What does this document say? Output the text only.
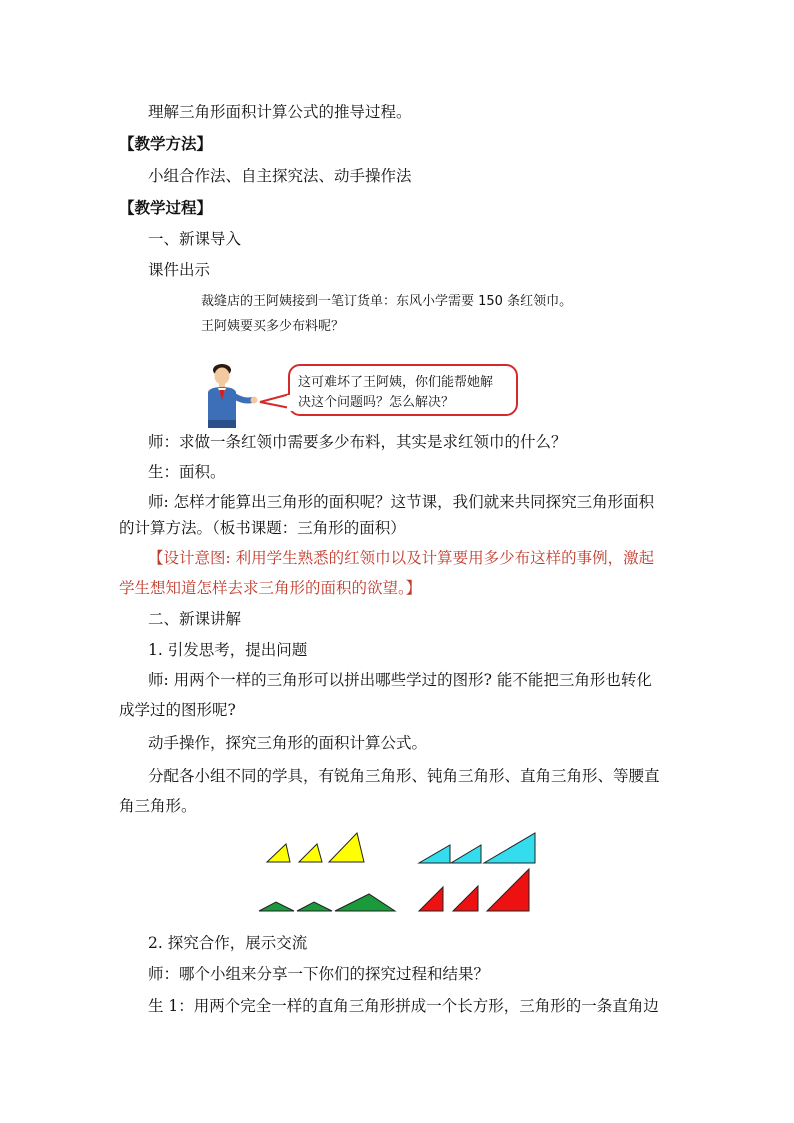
理解三角形面积计算公式的推导过程。
【教学方法】
小组合作法、自主探究法、动手操作法
【教学过程】
一、新课导入
课件出示
裁缝店的王阿姨接到一笔订货单：东风小学需要 150 条红领巾。
王阿姨要买多少布料呢？
这可难坏了王阿姨，你们能帮她解
决这个问题吗？怎么解决？
师：求做一条红领巾需要多少布料，其实是求红领巾的什么？
生：面积。
师: 怎样才能算出三角形的面积呢？这节课，我们就来共同探究三角形面积
的计算方法。（板书课题：三角形的面积）
【设计意图: 利用学生熟悉的红领巾以及计算要用多少布这样的事例，激起
学生想知道怎样去求三角形的面积的欲望。】
二、新课讲解
1. 引发思考，提出问题
师: 用两个一样的三角形可以拼出哪些学过的图形? 能不能把三角形也转化
成学过的图形呢?
动手操作，探究三角形的面积计算公式。
分配各小组不同的学具，有锐角三角形、钝角三角形、直角三角形、等腰直
角三角形。
2. 探究合作，展示交流
师：哪个小组来分享一下你们的探究过程和结果？
生 1：用两个完全一样的直角三角形拼成一个长方形，三角形的一条直角边
